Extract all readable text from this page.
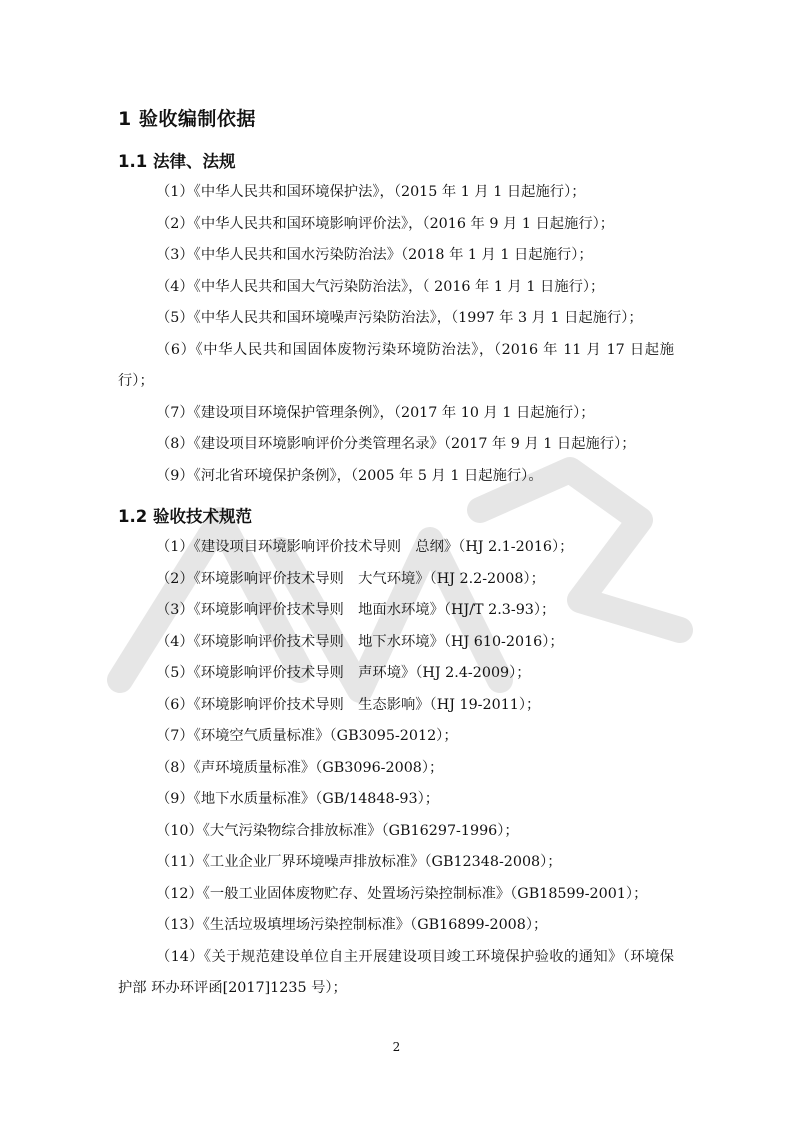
1 验收编制依据
1.1 法律、法规

（1）《中华人民共和国环境保护法》，（2015 年 1 月 1 日起施行）；

（2）《中华人民共和国环境影响评价法》，（2016 年 9 月 1 日起施行）；

（3）《中华人民共和国水污染防治法》（2018 年 1 月 1 日起施行）；

（4）《中华人民共和国大气污染防治法》，（ 2016 年 1 月 1 日施行）；

（5）《中华人民共和国环境噪声污染防治法》，（1997 年 3 月 1 日起施行）；

（6）《中华人民共和国固体废物污染环境防治法》，（2016 年 11 月 17 日起施行）；

（7）《建设项目环境保护管理条例》，（2017 年 10 月 1 日起施行）；

（8）《建设项目环境影响评价分类管理名录》（2017 年 9 月 1 日起施行）；

（9）《河北省环境保护条例》，（2005 年 5 月 1 日起施行）。

1.2 验收技术规范

（1）《建设项目环境影响评价技术导则　总纲》（HJ 2.1-2016）；

（2）《环境影响评价技术导则　大气环境》（HJ 2.2-2008）；

（3）《环境影响评价技术导则　地面水环境》（HJ/T 2.3-93）；

（4）《环境影响评价技术导则　地下水环境》（HJ 610-2016）；

（5）《环境影响评价技术导则　声环境》（HJ 2.4-2009）；

（6）《环境影响评价技术导则　生态影响》（HJ 19-2011）；

（7）《环境空气质量标准》（GB3095-2012）；

（8）《声环境质量标准》（GB3096-2008）；

（9）《地下水质量标准》（GB/14848-93）；

（10）《大气污染物综合排放标准》（GB16297-1996）；

（11）《工业企业厂界环境噪声排放标准》（GB12348-2008）；

（12）《一般工业固体废物贮存、处置场污染控制标准》（GB18599-2001）；

（13）《生活垃圾填埋场污染控制标准》（GB16899-2008）；

（14）《关于规范建设单位自主开展建设项目竣工环境保护验收的通知》（环境保护部 环办环评函[2017]1235 号）；

2
